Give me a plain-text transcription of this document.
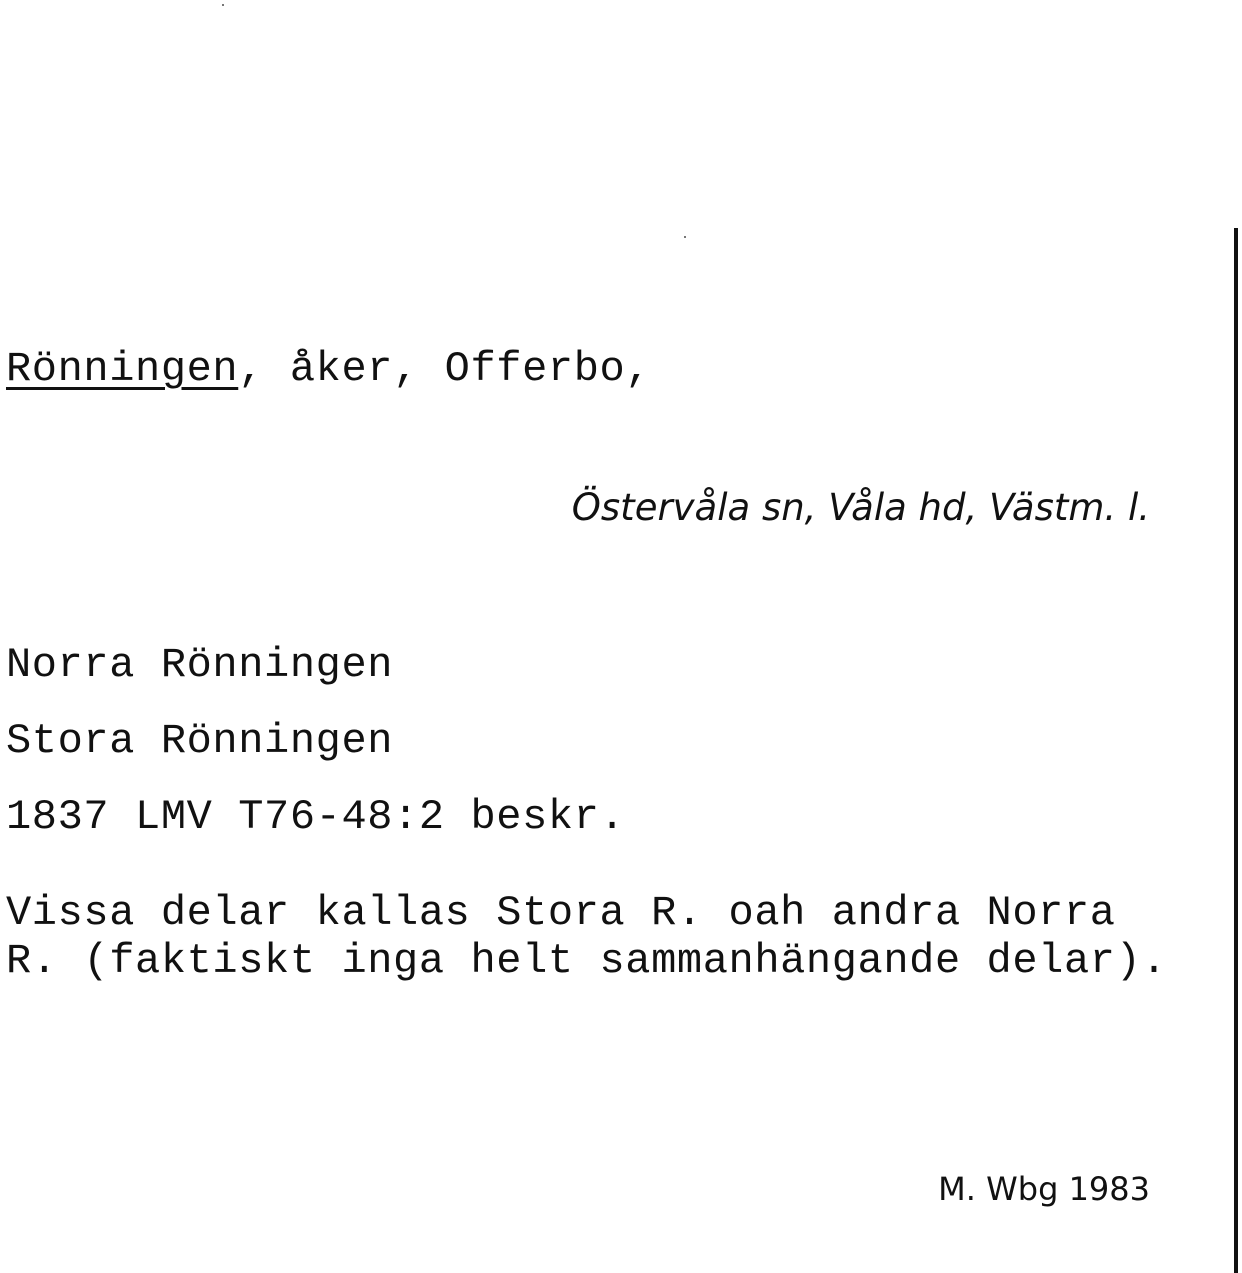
Rönningen, åker, Offerbo,
Östervåla sn, Våla hd, Västm. l.
Norra Rönningen
Stora Rönningen
1837 LMV T76-48:2 beskr.
Vissa delar kallas Stora R. oah andra Norra
R. (faktiskt inga helt sammanhängande delar).
M. Wbg 1983
